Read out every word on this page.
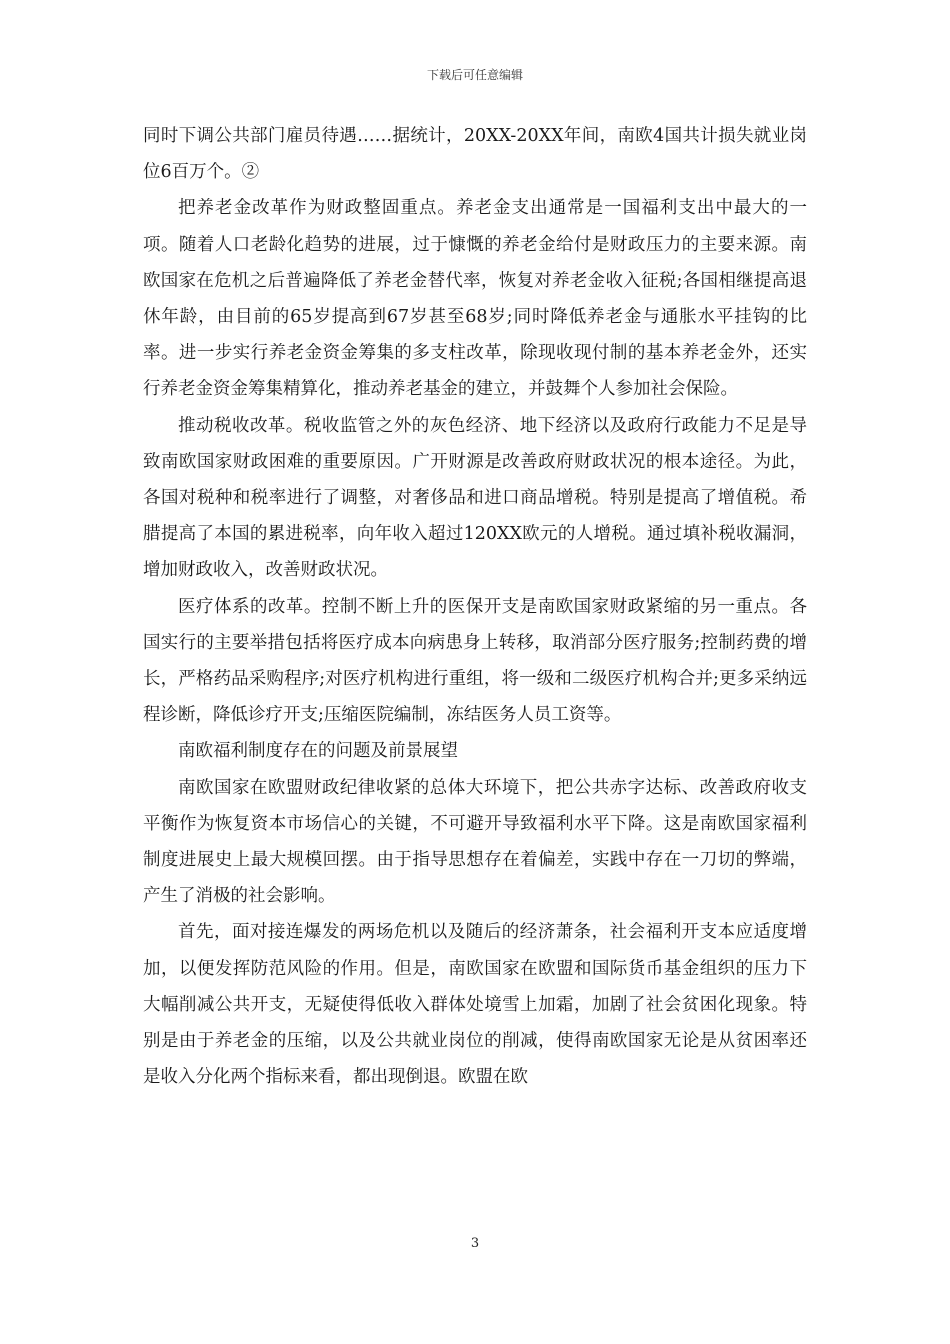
下载后可任意编辑

同时下调公共部门雇员待遇……据统计，20XX-20XX年间，南欧4国共计损失就业岗位6百万个。②

把养老金改革作为财政整固重点。养老金支出通常是一国福利支出中最大的一项。随着人口老龄化趋势的进展，过于慷慨的养老金给付是财政压力的主要来源。南欧国家在危机之后普遍降低了养老金替代率，恢复对养老金收入征税;各国相继提高退休年龄，由目前的65岁提高到67岁甚至68岁;同时降低养老金与通胀水平挂钩的比率。进一步实行养老金资金筹集的多支柱改革，除现收现付制的基本养老金外，还实行养老金资金筹集精算化，推动养老基金的建立，并鼓舞个人参加社会保险。

推动税收改革。税收监管之外的灰色经济、地下经济以及政府行政能力不足是导致南欧国家财政困难的重要原因。广开财源是改善政府财政状况的根本途径。为此，各国对税种和税率进行了调整，对奢侈品和进口商品增税。特别是提高了增值税。希腊提高了本国的累进税率，向年收入超过120XX欧元的人增税。通过填补税收漏洞，增加财政收入，改善财政状况。

医疗体系的改革。控制不断上升的医保开支是南欧国家财政紧缩的另一重点。各国实行的主要举措包括将医疗成本向病患身上转移，取消部分医疗服务;控制药费的增长，严格药品采购程序;对医疗机构进行重组，将一级和二级医疗机构合并;更多采纳远程诊断，降低诊疗开支;压缩医院编制，冻结医务人员工资等。

南欧福利制度存在的问题及前景展望

南欧国家在欧盟财政纪律收紧的总体大环境下，把公共赤字达标、改善政府收支平衡作为恢复资本市场信心的关键，不可避开导致福利水平下降。这是南欧国家福利制度进展史上最大规模回摆。由于指导思想存在着偏差，实践中存在一刀切的弊端，产生了消极的社会影响。

首先，面对接连爆发的两场危机以及随后的经济萧条，社会福利开支本应适度增加，以便发挥防范风险的作用。但是，南欧国家在欧盟和国际货币基金组织的压力下大幅削减公共开支，无疑使得低收入群体处境雪上加霜，加剧了社会贫困化现象。特别是由于养老金的压缩，以及公共就业岗位的削减，使得南欧国家无论是从贫困率还是收入分化两个指标来看，都出现倒退。欧盟在欧

3
